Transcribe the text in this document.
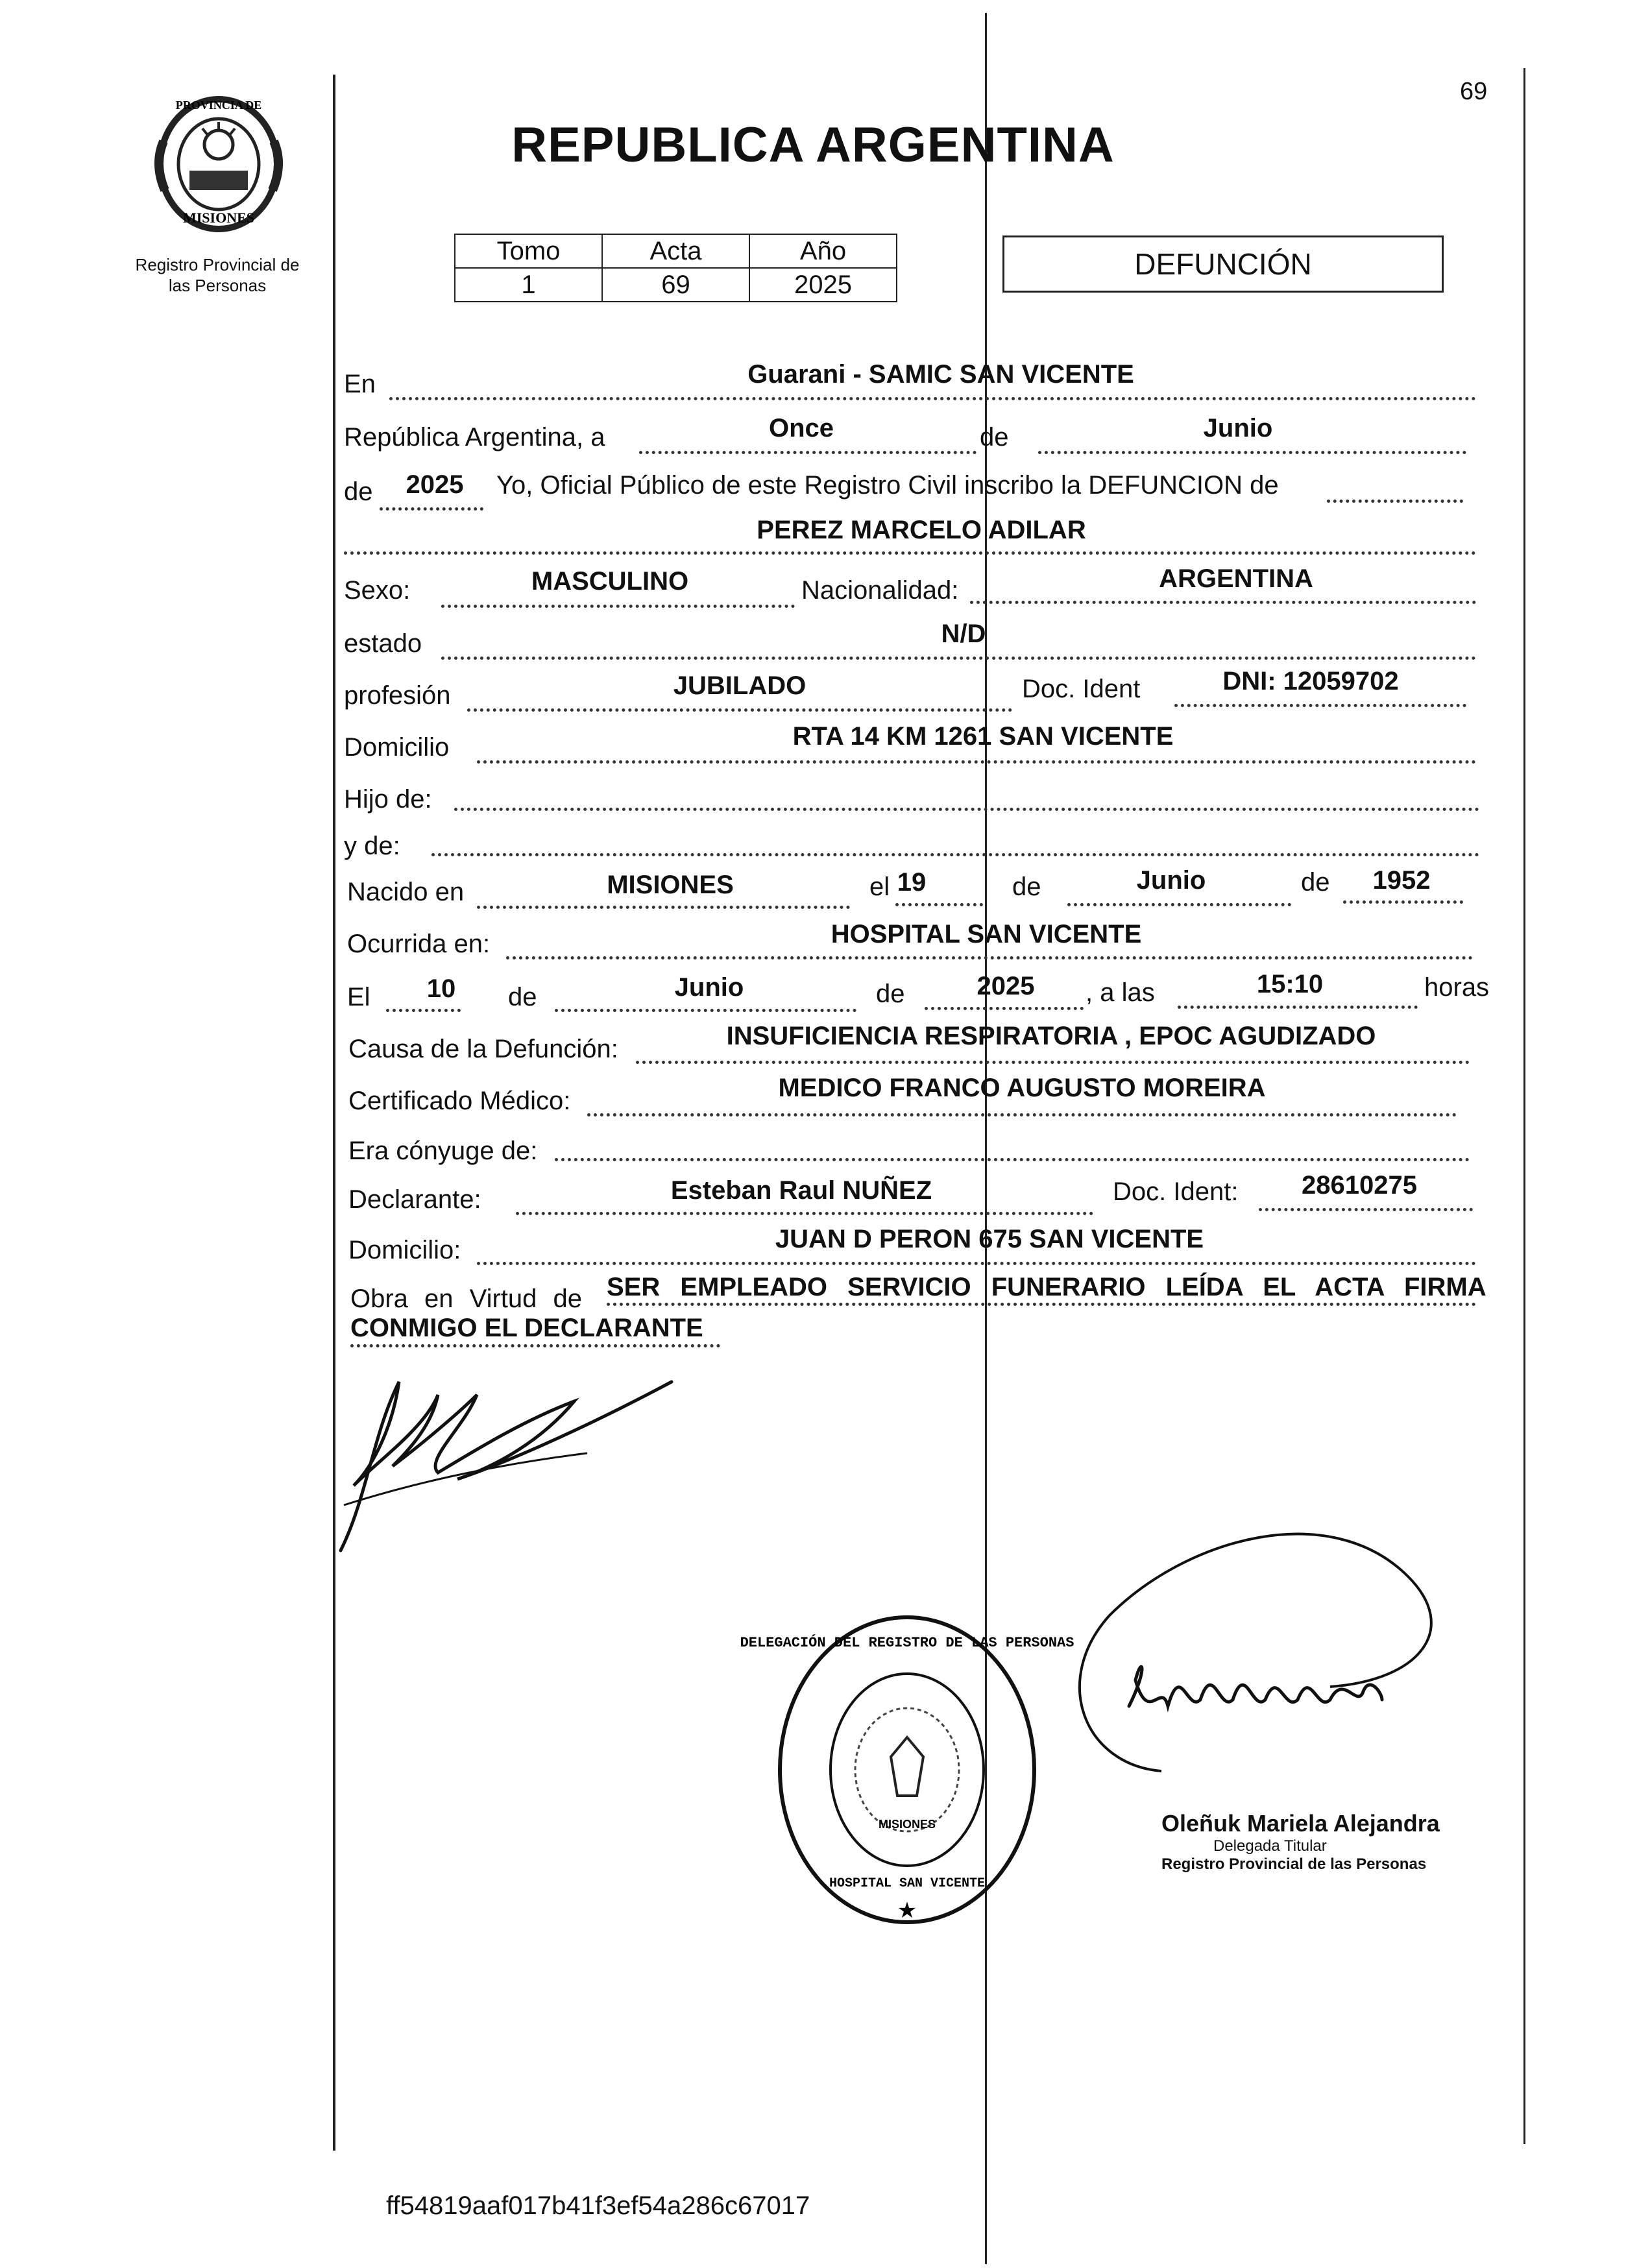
69
PROVINCIA DE
MISIONES
Registro Provincial de
las Personas
REPUBLICA ARGENTINA
Tomo	Acta	Año
1	69	2025
DEFUNCIÓN
En	Guarani - SAMIC SAN VICENTE
República Argentina, a	Once	de	Junio
de 2025 Yo, Oficial Público de este Registro Civil inscribo la DEFUNCION de
PEREZ MARCELO ADILAR
Sexo:	MASCULINO	Nacionalidad:	ARGENTINA
estado	N/D
profesión	JUBILADO	Doc. Ident	DNI: 12059702
Domicilio	RTA 14 KM 1261 SAN VICENTE
Hijo de:
y de:
Nacido en	MISIONES	el 19	de	Junio	de 1952
Ocurrida en:	HOSPITAL SAN VICENTE
El 10 de	Junio	de	2025 , a las	15:10	horas
Causa de la Defunción:	INSUFICIENCIA RESPIRATORIA , EPOC AGUDIZADO
Certificado Médico:	MEDICO FRANCO AUGUSTO MOREIRA
Era cónyuge de:
Declarante:	Esteban Raul NUÑEZ	Doc. Ident: 28610275
Domicilio:	JUAN D PERON 675 SAN VICENTE
Obra en Virtud de SER EMPLEADO SERVICIO FUNERARIO LEÍDA EL ACTA FIRMA
CONMIGO EL DECLARANTE
MISIONES
DELEGACIÓN DEL REGISTRO DE LAS PERSONAS
HOSPITAL SAN VICENTE
★
Oleñuk Mariela Alejandra
Delegada Titular
Registro Provincial de las Personas
ff54819aaf017b41f3ef54a286c67017
